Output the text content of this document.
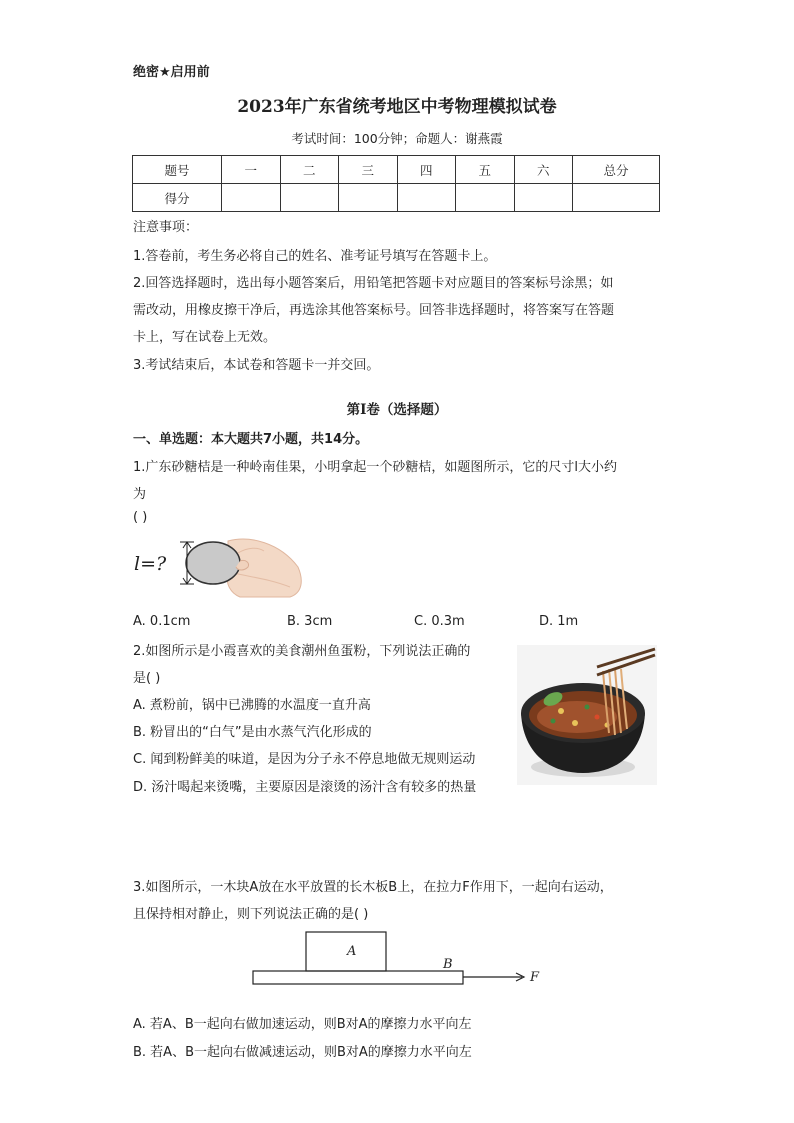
绝密★启用前
2023年广东省统考地区中考物理模拟试卷
考试时间：100分钟；命题人：谢燕霞
题号	一	二	三	四	五	六	总分
得分							
注意事项：
1.答卷前，考生务必将自己的姓名、准考证号填写在答题卡上。
2.回答选择题时，选出每小题答案后，用铅笔把答题卡对应题目的答案标号涂黑；如
需改动，用橡皮擦干净后，再选涂其他答案标号。回答非选择题时，将答案写在答题
卡上，写在试卷上无效。
3.考试结束后，本试卷和答题卡一并交回。
第I卷（选择题）
一、单选题：本大题共7小题，共14分。
1.广东砂糖桔是一种岭南佳果，小明拿起一个砂糖桔，如题图所示，它的尺寸l大小约
为
( )
l=?
A. 0.1cm	B. 3cm	C. 0.3m	D. 1m
2.如图所示是小霞喜欢的美食潮州鱼蛋粉，下列说法正确的
是( )
A. 煮粉前，锅中已沸腾的水温度一直升高
B. 粉冒出的“白气”是由水蒸气汽化形成的
C. 闻到粉鲜美的味道，是因为分子永不停息地做无规则运动
D. 汤汁喝起来烫嘴，主要原因是滚烫的汤汁含有较多的热量
3.如图所示，一木块A放在水平放置的长木板B上，在拉力F作用下，一起向右运动，
且保持相对静止，则下列说法正确的是( )
A
B
F
A. 若A、B一起向右做加速运动，则B对A的摩擦力水平向左
B. 若A、B一起向右做减速运动，则B对A的摩擦力水平向左
